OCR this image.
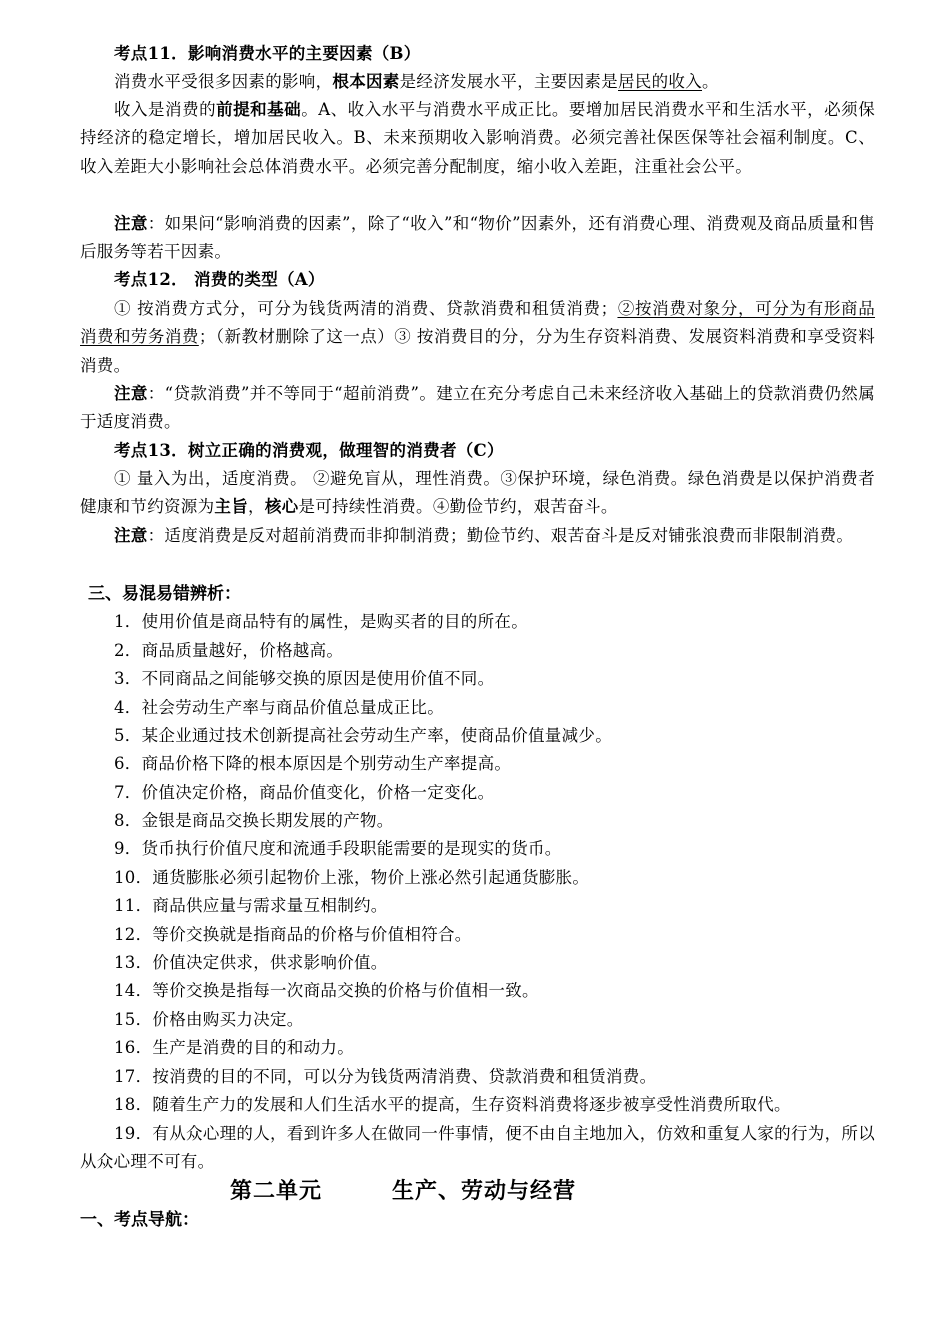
考点11．影响消费水平的主要因素（B）
消费水平受很多因素的影响，根本因素是经济发展水平，主要因素是居民的收入。
收入是消费的前提和基础。A、收入水平与消费水平成正比。要增加居民消费水平和生活水平，必须保持经济的稳定增长，增加居民收入。B、未来预期收入影响消费。必须完善社保医保等社会福利制度。C、收入差距大小影响社会总体消费水平。必须完善分配制度，缩小收入差距，注重社会公平。
注意：如果问“影响消费的因素”，除了“收入”和“物价”因素外，还有消费心理、消费观及商品质量和售后服务等若干因素。
考点12． 消费的类型（A）
① 按消费方式分，可分为钱货两清的消费、贷款消费和租赁消费；②按消费对象分，可分为有形商品消费和劳务消费；（新教材删除了这一点）③ 按消费目的分，分为生存资料消费、发展资料消费和享受资料消费。
注意：“贷款消费”并不等同于“超前消费”。建立在充分考虑自己未来经济收入基础上的贷款消费仍然属于适度消费。
考点13．树立正确的消费观，做理智的消费者（C）
① 量入为出，适度消费。 ②避免盲从，理性消费。③保护环境，绿色消费。绿色消费是以保护消费者健康和节约资源为主旨，核心是可持续性消费。④勤俭节约，艰苦奋斗。
注意：适度消费是反对超前消费而非抑制消费；勤俭节约、艰苦奋斗是反对铺张浪费而非限制消费。
三、易混易错辨析：
1．使用价值是商品特有的属性，是购买者的目的所在。
2．商品质量越好，价格越高。
3．不同商品之间能够交换的原因是使用价值不同。
4．社会劳动生产率与商品价值总量成正比。
5．某企业通过技术创新提高社会劳动生产率，使商品价值量减少。
6．商品价格下降的根本原因是个别劳动生产率提高。
7．价值决定价格，商品价值变化，价格一定变化。
8．金银是商品交换长期发展的产物。
9．货币执行价值尺度和流通手段职能需要的是现实的货币。
10．通货膨胀必须引起物价上涨，物价上涨必然引起通货膨胀。
11．商品供应量与需求量互相制约。
12．等价交换就是指商品的价格与价值相符合。
13．价值决定供求，供求影响价值。
14．等价交换是指每一次商品交换的价格与价值相一致。
15．价格由购买力决定。
16．生产是消费的目的和动力。
17．按消费的目的不同，可以分为钱货两清消费、贷款消费和租赁消费。
18．随着生产力的发展和人们生活水平的提高，生存资料消费将逐步被享受性消费所取代。
19．有从众心理的人，看到许多人在做同一件事情，便不由自主地加入，仿效和重复人家的行为，所以从众心理不可有。
第二单元	生产、劳动与经营
一、考点导航：
